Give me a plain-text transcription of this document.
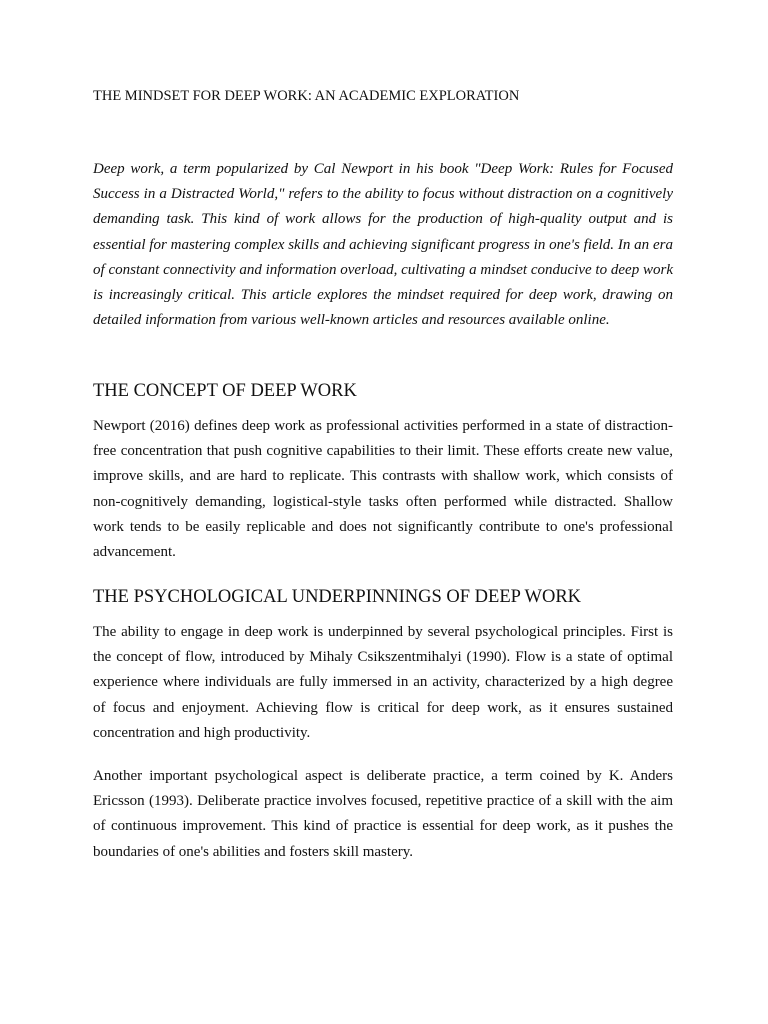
THE MINDSET FOR DEEP WORK: AN ACADEMIC EXPLORATION

Deep work, a term popularized by Cal Newport in his book "Deep Work: Rules for Focused Success in a Distracted World," refers to the ability to focus without distraction on a cognitively demanding task. This kind of work allows for the production of high-quality output and is essential for mastering complex skills and achieving significant progress in one's field. In an era of constant connectivity and information overload, cultivating a mindset conducive to deep work is increasingly critical. This article explores the mindset required for deep work, drawing on detailed information from various well-known articles and resources available online.

THE CONCEPT OF DEEP WORK

Newport (2016) defines deep work as professional activities performed in a state of distraction-free concentration that push cognitive capabilities to their limit. These efforts create new value, improve skills, and are hard to replicate. This contrasts with shallow work, which consists of non-cognitively demanding, logistical-style tasks often performed while distracted. Shallow work tends to be easily replicable and does not significantly contribute to one's professional advancement.

THE PSYCHOLOGICAL UNDERPINNINGS OF DEEP WORK

The ability to engage in deep work is underpinned by several psychological principles. First is the concept of flow, introduced by Mihaly Csikszentmihalyi (1990). Flow is a state of optimal experience where individuals are fully immersed in an activity, characterized by a high degree of focus and enjoyment. Achieving flow is critical for deep work, as it ensures sustained concentration and high productivity.

Another important psychological aspect is deliberate practice, a term coined by K. Anders Ericsson (1993). Deliberate practice involves focused, repetitive practice of a skill with the aim of continuous improvement. This kind of practice is essential for deep work, as it pushes the boundaries of one's abilities and fosters skill mastery.
